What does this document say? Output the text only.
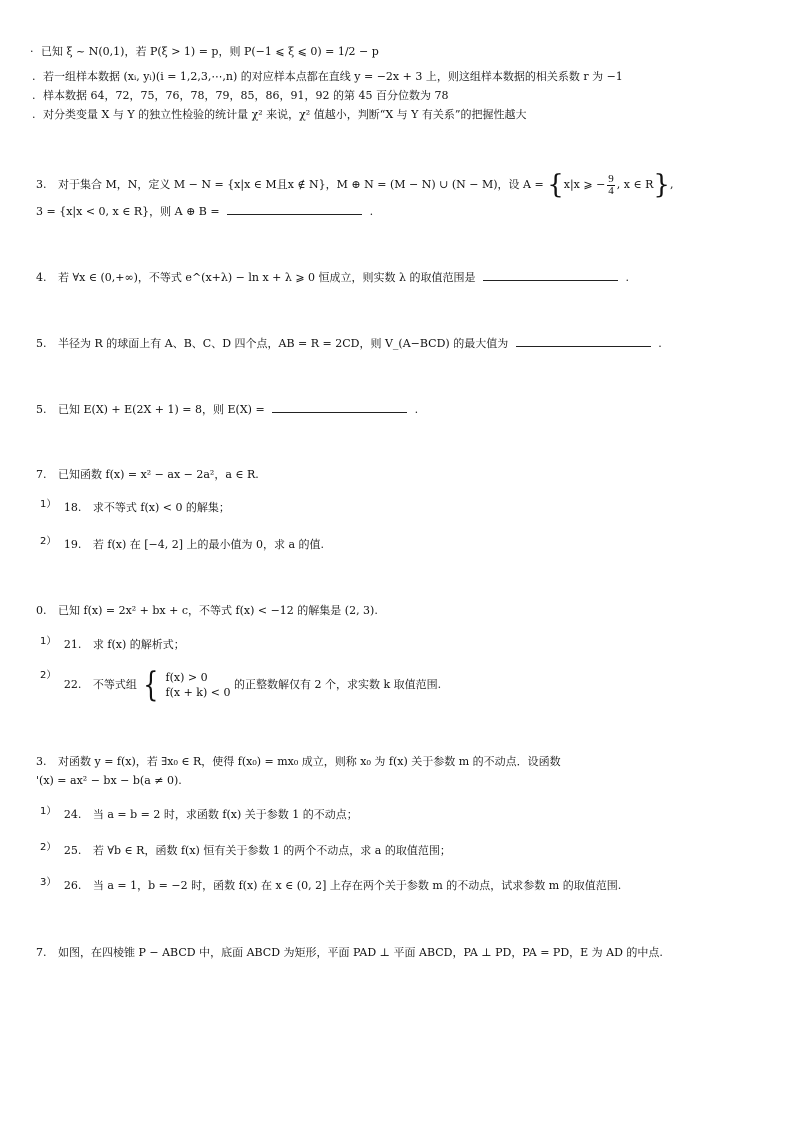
· 已知 ξ ~ N(0,1)，若 P(ξ > 1) = p，则 P(−1 ⩽ ξ ⩽ 0) = 1/2 − p
. 若一组样本数据 (xᵢ, yᵢ)(i = 1,2,3,⋯,n) 的对应样本点都在直线 y = −2x + 3 上，则这组样本数据的相关系数 r 为 −1
. 样本数据 64，72，75，76，78，79，85，86，91，92 的第 45 百分位数为 78
. 对分类变量 X 与 Y 的独立性检验的统计量 χ² 来说，χ² 值越小，判断“X 与 Y 有关系”的把握性越大
3. 对于集合 M，N，定义 M − N = {x|x ∈ M且x ∉ N}，M ⊕ N = (M − N) ∪ (N − M)，设 A = {x|x ⩾ − $\frac{9}{4}$ , x ∈ R},
3 = {x|x < 0, x ∈ R}，则 A ⊕ B =	.
4. 若 ∀x ∈ (0,+∞)，不等式 e^(x+λ) − ln x + λ ⩾ 0 恒成立，则实数 λ 的取值范围是	.
5. 半径为 R 的球面上有 A、B、C、D 四个点，AB = R = 2CD，则 V_(A−BCD) 的最大值为	.
5. 已知 E(X) + E(2X + 1) = 8，则 E(X) =	.
7. 已知函数 f(x) = x² − ax − 2a²，a ∈ R.
1） 18. 求不等式 f(x) < 0 的解集；
2） 19. 若 f(x) 在 [−4, 2] 上的最小值为 0，求 a 的值.
0. 已知 f(x) = 2x² + bx + c，不等式 f(x) < −12 的解集是 (2, 3).
1） 21. 求 f(x) 的解析式；
2） 22. 不等式组 { f(x) > 0
f(x + k) < 0
的正整数解仅有 2 个，求实数 k 取值范围.
3. 对函数 y = f(x)，若 ∃x₀ ∈ R，使得 f(x₀) = mx₀ 成立，则称 x₀ 为 f(x) 关于参数 m 的不动点．设函数
'(x) = ax² − bx − b(a ≠ 0).
1） 24. 当 a = b = 2 时，求函数 f(x) 关于参数 1 的不动点；
2） 25. 若 ∀b ∈ R，函数 f(x) 恒有关于参数 1 的两个不动点，求 a 的取值范围；
3） 26. 当 a = 1，b = −2 时，函数 f(x) 在 x ∈ (0, 2] 上存在两个关于参数 m 的不动点，试求参数 m 的取值范围.
7. 如图，在四棱锥 P − ABCD 中，底面 ABCD 为矩形，平面 PAD ⊥ 平面 ABCD，PA ⊥ PD，PA = PD，E 为 AD 的中点.
